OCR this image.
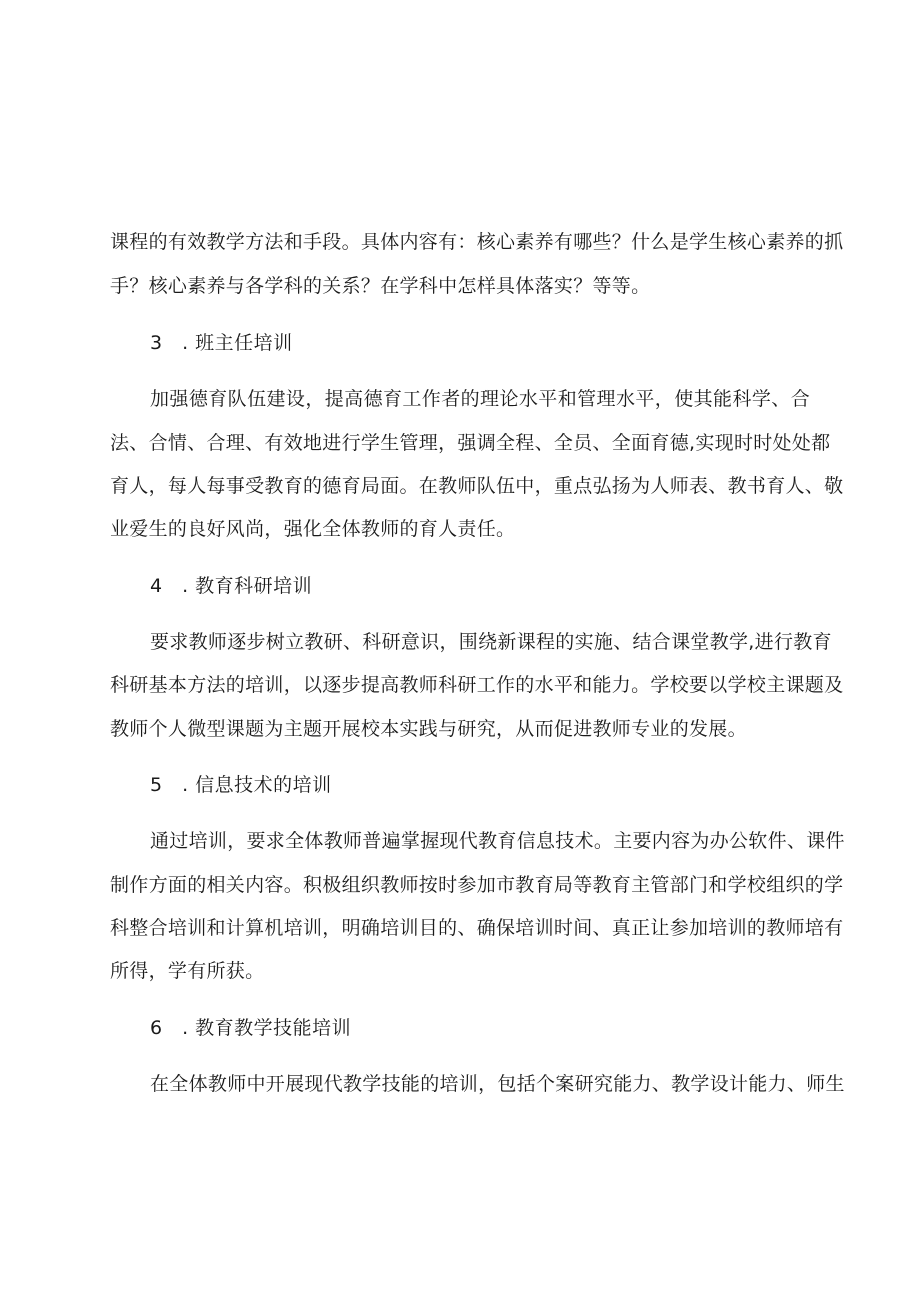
课程的有效教学方法和手段。具体内容有：核心素养有哪些？什么是学生核心素养的抓
手？核心素养与各学科的关系？在学科中怎样具体落实？等等。
3　. 班主任培训
加强德育队伍建设，提高德育工作者的理论水平和管理水平，使其能科学、合
法、合情、合理、有效地进行学生管理，强调全程、全员、全面育德,实现时时处处都
育人，每人每事受教育的德育局面。在教师队伍中，重点弘扬为人师表、教书育人、敬
业爱生的良好风尚，强化全体教师的育人责任。
4　. 教育科研培训
要求教师逐步树立教研、科研意识，围绕新课程的实施、结合课堂教学,进行教育
科研基本方法的培训，以逐步提高教师科研工作的水平和能力。学校要以学校主课题及
教师个人微型课题为主题开展校本实践与研究，从而促进教师专业的发展。
5　. 信息技术的培训
通过培训，要求全体教师普遍掌握现代教育信息技术。主要内容为办公软件、课件
制作方面的相关内容。积极组织教师按时参加市教育局等教育主管部门和学校组织的学
科整合培训和计算机培训，明确培训目的、确保培训时间、真正让参加培训的教师培有
所得，学有所获。
6　. 教育教学技能培训
在全体教师中开展现代教学技能的培训，包括个案研究能力、教学设计能力、师生
